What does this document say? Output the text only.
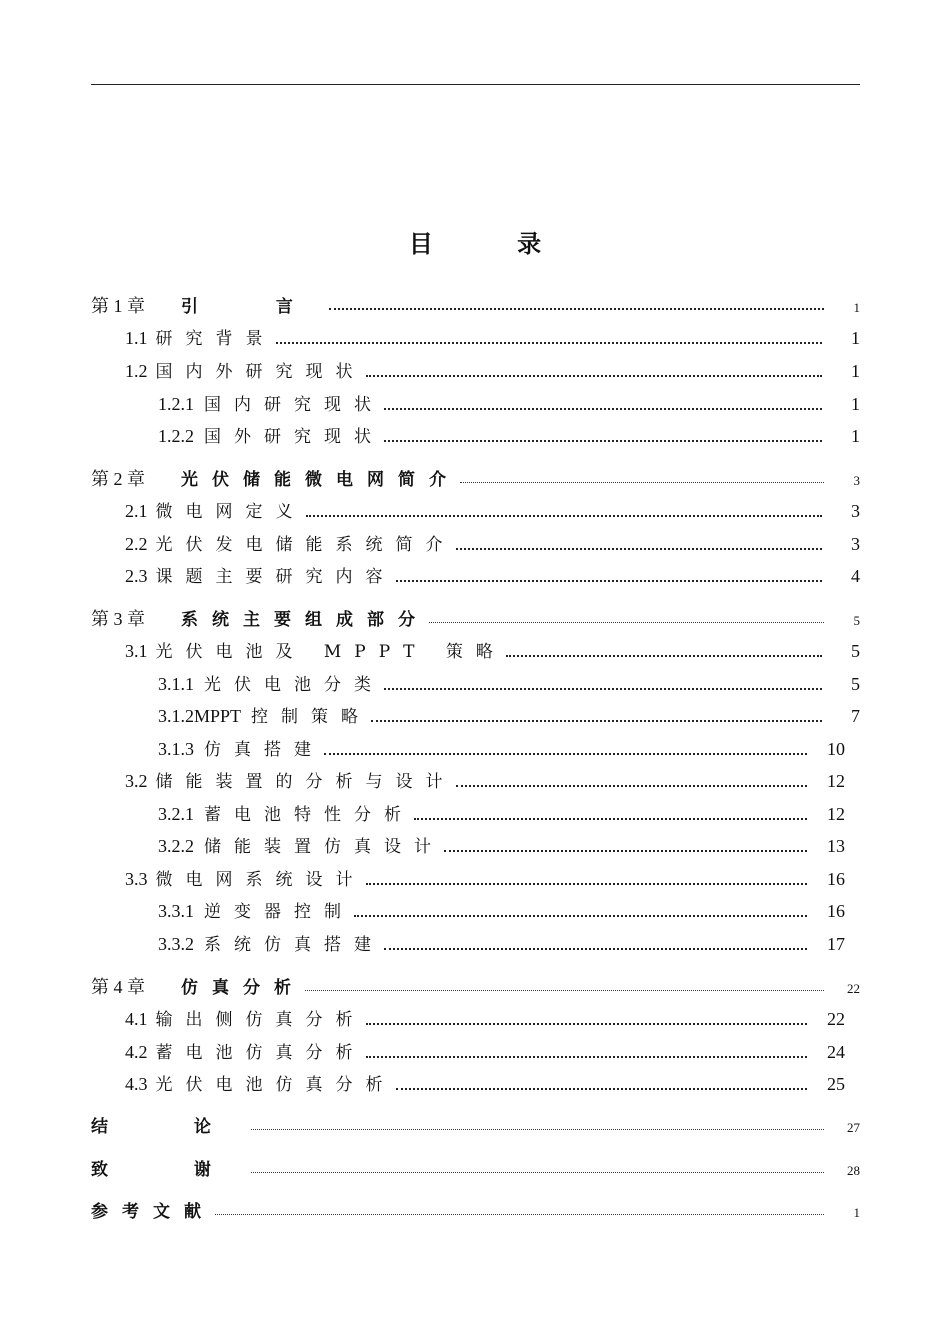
目 录
第 1 章 引 言	1
1.1 研究背景	1
1.2 国内外研究现状	1
1.2.1 国内研究现状	1
1.2.2 国外研究现状	1
第 2 章 光伏储能微电网简介	3
2.1 微电网定义	3
2.2 光伏发电储能系统简介	3
2.3 课题主要研究内容	4
第 3 章 系统主要组成部分	5
3.1 光伏电池及 MPPT 策略	5
3.1.1 光伏电池分类	5
3.1.2MPPT 控制策略	7
3.1.3 仿真搭建	10
3.2 储能装置的分析与设计	12
3.2.1 蓄电池特性分析	12
3.2.2 储能装置仿真设计	13
3.3 微电网系统设计	16
3.3.1 逆变器控制	16
3.3.2 系统仿真搭建	17
第 4 章 仿真分析	22
4.1 输出侧仿真分析	22
4.2 蓄电池仿真分析	24
4.3 光伏电池仿真分析	25
结 论	27
致 谢	28
参考文献	1
